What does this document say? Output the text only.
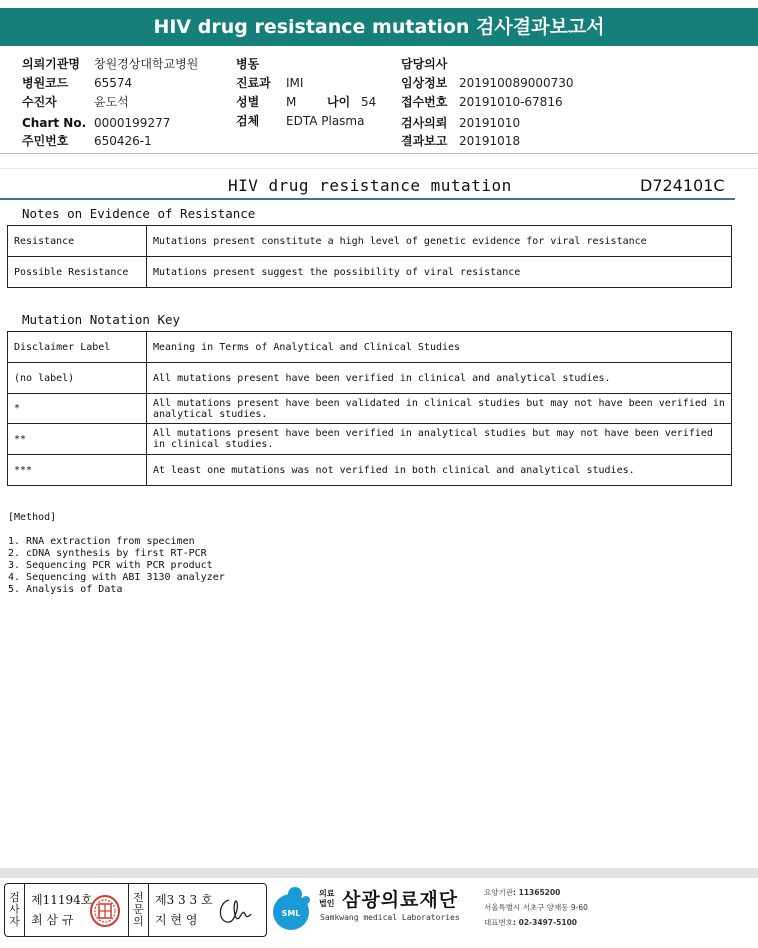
HIV drug resistance mutation 검사결과보고서
의뢰기관명 창원경상대학교병원
병원코드 65574
수진자	윤도석
Chart No. 0000199277
주민번호 650426-1
병동
진료과 IMI
성별 M	나이 54
검체 EDTA Plasma
담당의사
임상정보 201910089000730
접수번호 20191010-67816
검사의뢰 20191010
결과보고 20191018
HIV drug resistance mutation	D724101C
Notes on Evidence of Resistance
Resistance	Mutations present constitute a high level of genetic evidence for viral resistance
Possible Resistance	Mutations present suggest the possibility of viral resistance
Mutation Notation Key
Disclaimer Label	Meaning in Terms of Analytical and Clinical Studies
(no label)	All mutations present have been verified in clinical and analytical studies.
*	All mutations present have been validated in clinical studies but may not have been verified in analytical studies.
**	All mutations present have been verified in analytical studies but may not have been verified in clinical studies.
***	At least one mutations was not verified in both clinical and analytical studies.
[Method]
1. RNA extraction from specimen
2. cDNA synthesis by first RT-PCR
3. Sequencing PCR with PCR product
4. Sequencing with ABI 3130 analyzer
5. Analysis of Data
검
사
자
제11194호
최 삼 규
전
문
의
제3 3 3 호
지 현 영	SML
의료
법인 삼광의료재단
Samkwang medical Laboratories
요양기관: 11365200
서울특별시 서초구 양재동 9-60
대표번호: 02-3497-5100
